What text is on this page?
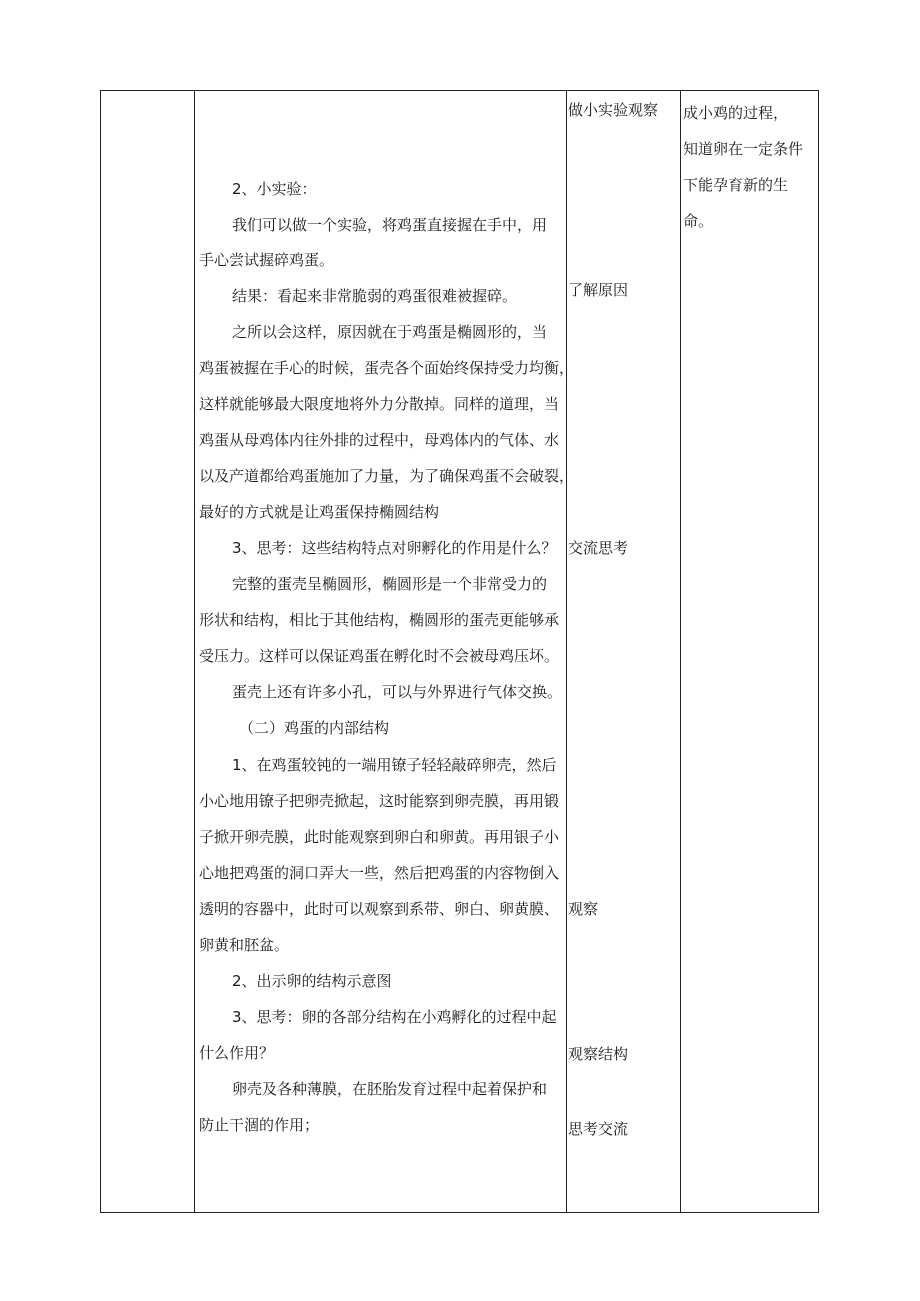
2、小实验：
我们可以做一个实验，将鸡蛋直接握在手中，用
手心尝试握碎鸡蛋。
结果：看起来非常脆弱的鸡蛋很难被握碎。
之所以会这样，原因就在于鸡蛋是椭圆形的，当
鸡蛋被握在手心的时候，蛋壳各个面始终保持受力均衡，
这样就能够最大限度地将外力分散掉。同样的道理，当
鸡蛋从母鸡体内往外排的过程中，母鸡体内的气体、水
以及产道都给鸡蛋施加了力量，为了确保鸡蛋不会破裂，
最好的方式就是让鸡蛋保持椭圆结构
3、思考：这些结构特点对卵孵化的作用是什么？
完整的蛋壳呈椭圆形，椭圆形是一个非常受力的
形状和结构，相比于其他结构，椭圆形的蛋壳更能够承
受压力。这样可以保证鸡蛋在孵化时不会被母鸡压坏。
蛋壳上还有许多小孔，可以与外界进行气体交换。
（二）鸡蛋的内部结构
1、在鸡蛋较钝的一端用镣子轻轻敲碎卵壳，然后
小心地用镣子把卵壳掀起，这时能察到卵壳膜，再用锻
子掀开卵壳膜，此时能观察到卵白和卵黄。再用银子小
心地把鸡蛋的洞口弄大一些，然后把鸡蛋的内容物倒入
透明的容器中，此时可以观察到系带、卵白、卵黄膜、
卵黄和胚盆。
2、出示卵的结构示意图
3、思考：卵的各部分结构在小鸡孵化的过程中起
什么作用？
卵壳及各种薄膜，在胚胎发育过程中起着保护和
防止干涸的作用；
做小实验观察
了解原因
交流思考
观察
观察结构
思考交流
成小鸡的过程，
知道卵在一定条件
下能孕育新的生
命。
